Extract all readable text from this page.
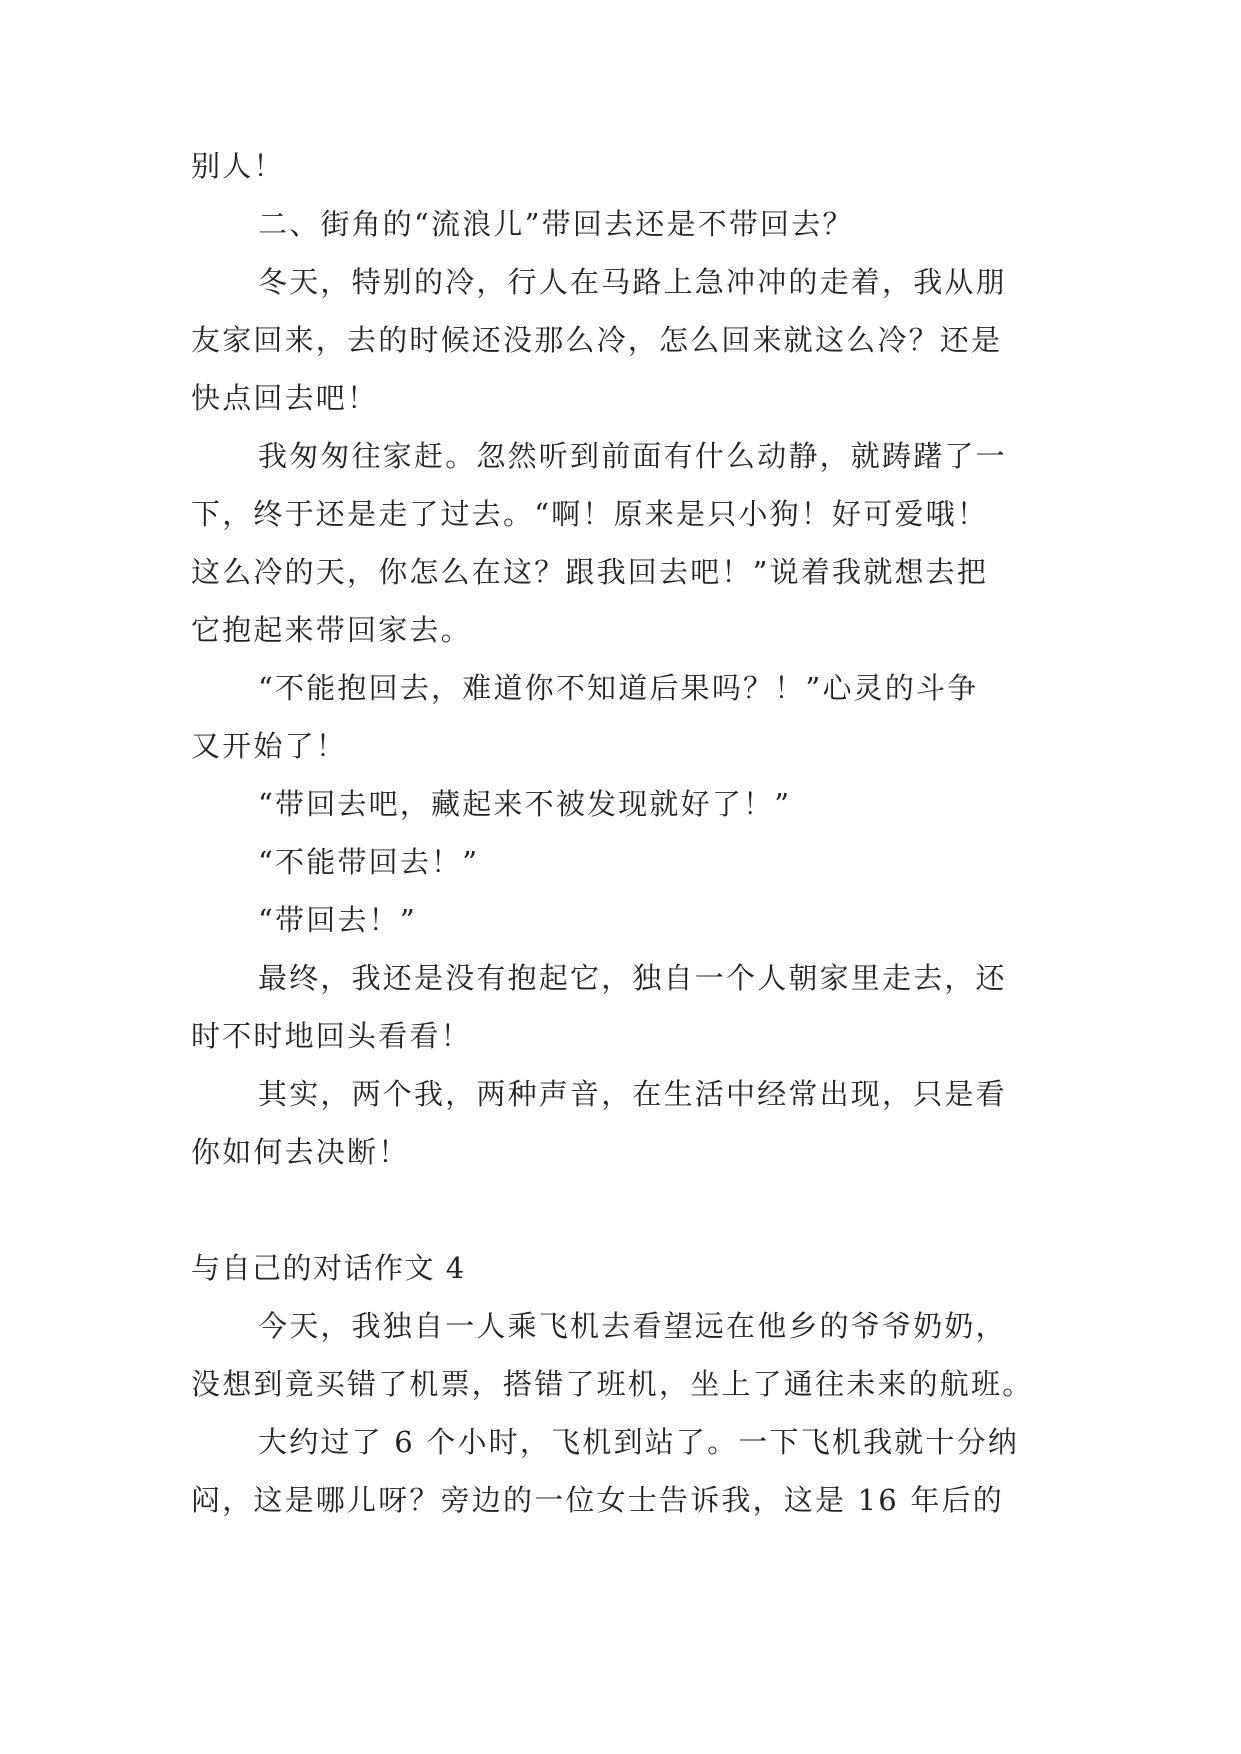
别人！
二、街角的“流浪儿”带回去还是不带回去？
冬天，特别的冷，行人在马路上急冲冲的走着，我从朋
友家回来，去的时候还没那么冷，怎么回来就这么冷？还是
快点回去吧！
我匆匆往家赶。忽然听到前面有什么动静，就踌躇了一
下，终于还是走了过去。“啊！原来是只小狗！好可爱哦！
这么冷的天，你怎么在这？跟我回去吧！”说着我就想去把
它抱起来带回家去。
“不能抱回去，难道你不知道后果吗？！”心灵的斗争
又开始了！
“带回去吧，藏起来不被发现就好了！”
“不能带回去！”
“带回去！”
最终，我还是没有抱起它，独自一个人朝家里走去，还
时不时地回头看看！
其实，两个我，两种声音，在生活中经常出现，只是看
你如何去决断！
与自己的对话作文 4
今天，我独自一人乘飞机去看望远在他乡的爷爷奶奶，
没想到竟买错了机票，搭错了班机，坐上了通往未来的航班。
大约过了 6 个小时，飞机到站了。一下飞机我就十分纳
闷，这是哪儿呀？旁边的一位女士告诉我，这是 16 年后的
